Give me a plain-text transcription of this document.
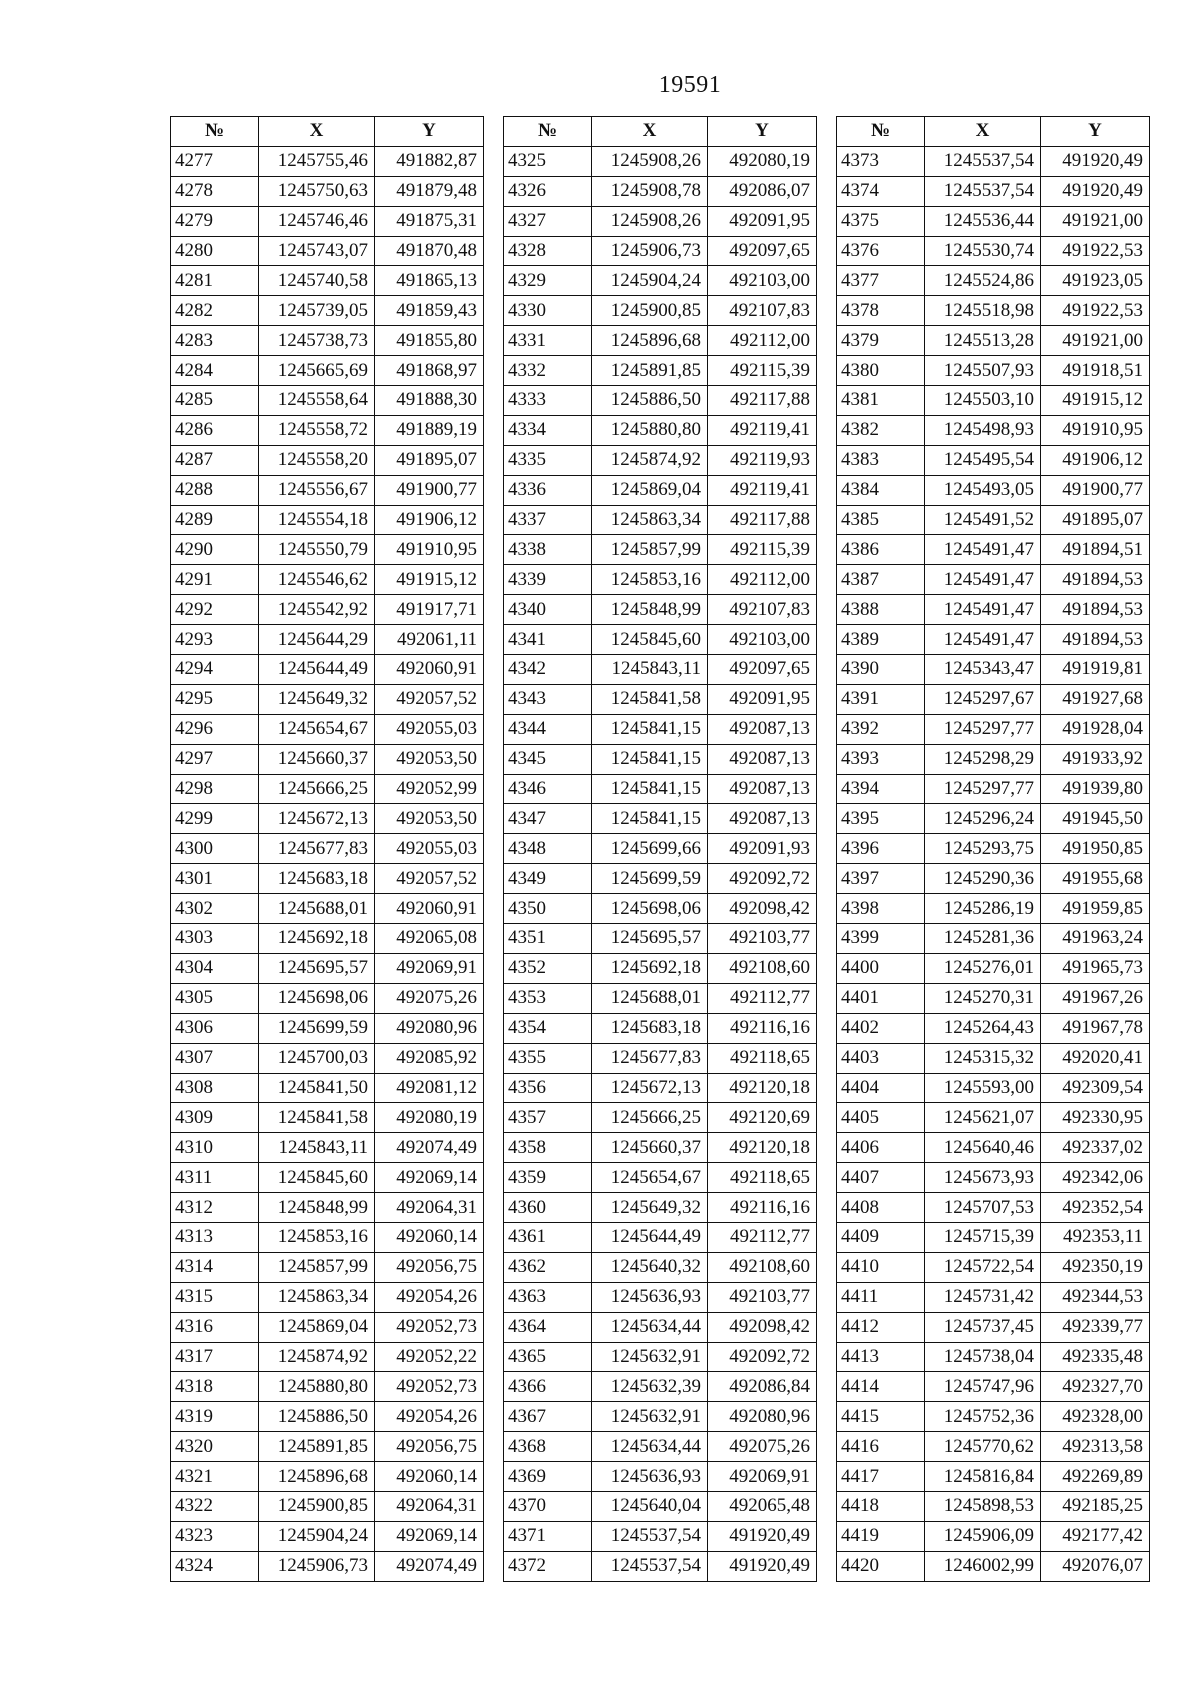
19591
№	X	Y
4277	1245755,46	491882,87
4278	1245750,63	491879,48
4279	1245746,46	491875,31
4280	1245743,07	491870,48
4281	1245740,58	491865,13
4282	1245739,05	491859,43
4283	1245738,73	491855,80
4284	1245665,69	491868,97
4285	1245558,64	491888,30
4286	1245558,72	491889,19
4287	1245558,20	491895,07
4288	1245556,67	491900,77
4289	1245554,18	491906,12
4290	1245550,79	491910,95
4291	1245546,62	491915,12
4292	1245542,92	491917,71
4293	1245644,29	492061,11
4294	1245644,49	492060,91
4295	1245649,32	492057,52
4296	1245654,67	492055,03
4297	1245660,37	492053,50
4298	1245666,25	492052,99
4299	1245672,13	492053,50
4300	1245677,83	492055,03
4301	1245683,18	492057,52
4302	1245688,01	492060,91
4303	1245692,18	492065,08
4304	1245695,57	492069,91
4305	1245698,06	492075,26
4306	1245699,59	492080,96
4307	1245700,03	492085,92
4308	1245841,50	492081,12
4309	1245841,58	492080,19
4310	1245843,11	492074,49
4311	1245845,60	492069,14
4312	1245848,99	492064,31
4313	1245853,16	492060,14
4314	1245857,99	492056,75
4315	1245863,34	492054,26
4316	1245869,04	492052,73
4317	1245874,92	492052,22
4318	1245880,80	492052,73
4319	1245886,50	492054,26
4320	1245891,85	492056,75
4321	1245896,68	492060,14
4322	1245900,85	492064,31
4323	1245904,24	492069,14
4324	1245906,73	492074,49
№	X	Y
4325	1245908,26	492080,19
4326	1245908,78	492086,07
4327	1245908,26	492091,95
4328	1245906,73	492097,65
4329	1245904,24	492103,00
4330	1245900,85	492107,83
4331	1245896,68	492112,00
4332	1245891,85	492115,39
4333	1245886,50	492117,88
4334	1245880,80	492119,41
4335	1245874,92	492119,93
4336	1245869,04	492119,41
4337	1245863,34	492117,88
4338	1245857,99	492115,39
4339	1245853,16	492112,00
4340	1245848,99	492107,83
4341	1245845,60	492103,00
4342	1245843,11	492097,65
4343	1245841,58	492091,95
4344	1245841,15	492087,13
4345	1245841,15	492087,13
4346	1245841,15	492087,13
4347	1245841,15	492087,13
4348	1245699,66	492091,93
4349	1245699,59	492092,72
4350	1245698,06	492098,42
4351	1245695,57	492103,77
4352	1245692,18	492108,60
4353	1245688,01	492112,77
4354	1245683,18	492116,16
4355	1245677,83	492118,65
4356	1245672,13	492120,18
4357	1245666,25	492120,69
4358	1245660,37	492120,18
4359	1245654,67	492118,65
4360	1245649,32	492116,16
4361	1245644,49	492112,77
4362	1245640,32	492108,60
4363	1245636,93	492103,77
4364	1245634,44	492098,42
4365	1245632,91	492092,72
4366	1245632,39	492086,84
4367	1245632,91	492080,96
4368	1245634,44	492075,26
4369	1245636,93	492069,91
4370	1245640,04	492065,48
4371	1245537,54	491920,49
4372	1245537,54	491920,49
№	X	Y
4373	1245537,54	491920,49
4374	1245537,54	491920,49
4375	1245536,44	491921,00
4376	1245530,74	491922,53
4377	1245524,86	491923,05
4378	1245518,98	491922,53
4379	1245513,28	491921,00
4380	1245507,93	491918,51
4381	1245503,10	491915,12
4382	1245498,93	491910,95
4383	1245495,54	491906,12
4384	1245493,05	491900,77
4385	1245491,52	491895,07
4386	1245491,47	491894,51
4387	1245491,47	491894,53
4388	1245491,47	491894,53
4389	1245491,47	491894,53
4390	1245343,47	491919,81
4391	1245297,67	491927,68
4392	1245297,77	491928,04
4393	1245298,29	491933,92
4394	1245297,77	491939,80
4395	1245296,24	491945,50
4396	1245293,75	491950,85
4397	1245290,36	491955,68
4398	1245286,19	491959,85
4399	1245281,36	491963,24
4400	1245276,01	491965,73
4401	1245270,31	491967,26
4402	1245264,43	491967,78
4403	1245315,32	492020,41
4404	1245593,00	492309,54
4405	1245621,07	492330,95
4406	1245640,46	492337,02
4407	1245673,93	492342,06
4408	1245707,53	492352,54
4409	1245715,39	492353,11
4410	1245722,54	492350,19
4411	1245731,42	492344,53
4412	1245737,45	492339,77
4413	1245738,04	492335,48
4414	1245747,96	492327,70
4415	1245752,36	492328,00
4416	1245770,62	492313,58
4417	1245816,84	492269,89
4418	1245898,53	492185,25
4419	1245906,09	492177,42
4420	1246002,99	492076,07
